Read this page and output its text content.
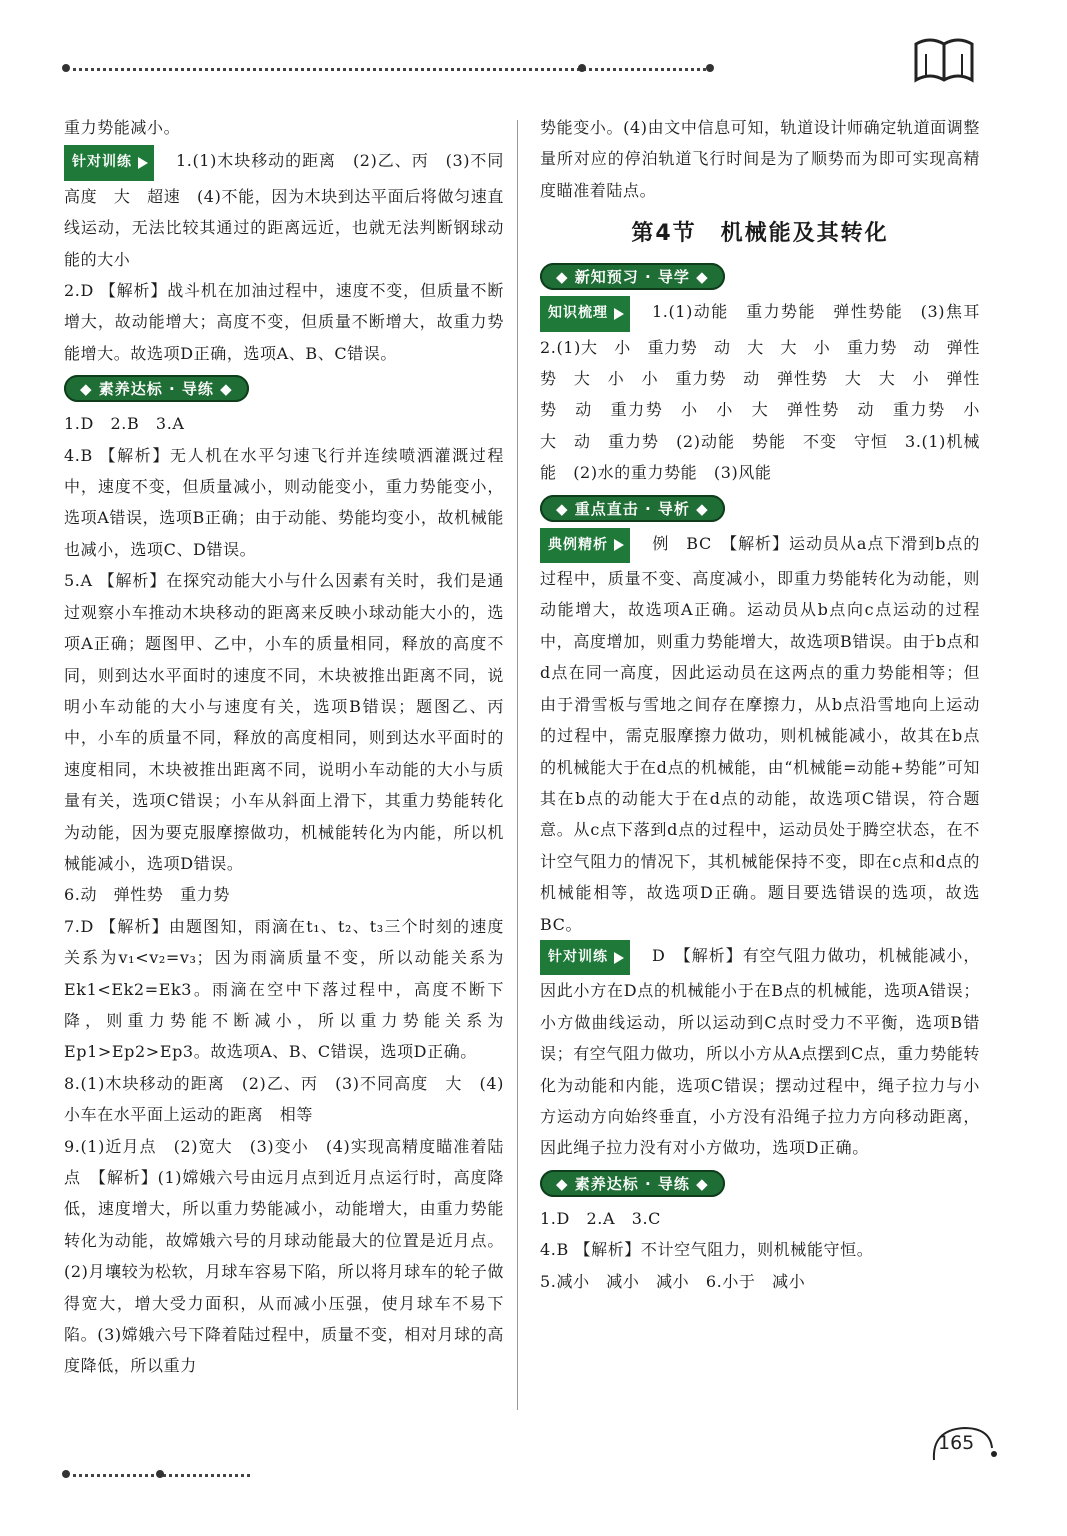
重力势能减小。

针对训练	1.(1)木块移动的距离　(2)乙、丙　(3)不同高度　大　超速　(4)不能，因为木块到达平面后将做匀速直线运动，无法比较其通过的距离远近，也就无法判断钢球动能的大小
2.D 【解析】战斗机在加油过程中，速度不变，但质量不断增大，故动能增大；高度不变，但质量不断增大，故重力势能增大。故选项D正确，选项A、B、C错误。
◆ 素养达标 · 导练 ◆
1.D　2.B　3.A
4.B 【解析】无人机在水平匀速飞行并连续喷洒灌溉过程中，速度不变，但质量减小，则动能变小，重力势能变小，选项A错误，选项B正确；由于动能、势能均变小，故机械能也减小，选项C、D错误。
5.A 【解析】在探究动能大小与什么因素有关时，我们是通过观察小车推动木块移动的距离来反映小球动能大小的，选项A正确；题图甲、乙中，小车的质量相同，释放的高度不同，则到达水平面时的速度不同，木块被推出距离不同，说明小车动能的大小与速度有关，选项B错误；题图乙、丙中，小车的质量不同，释放的高度相同，则到达水平面时的速度相同，木块被推出距离不同，说明小车动能的大小与质量有关，选项C错误；小车从斜面上滑下，其重力势能转化为动能，因为要克服摩擦做功，机械能转化为内能，所以机械能减小，选项D错误。
6.动　弹性势　重力势
7.D 【解析】由题图知，雨滴在t₁、t₂、t₃三个时刻的速度关系为v₁<v₂=v₃；因为雨滴质量不变，所以动能关系为Ek1<Ek2=Ek3。雨滴在空中下落过程中，高度不断下降，则重力势能不断减小，所以重力势能关系为Ep1>Ep2>Ep3。故选项A、B、C错误，选项D正确。
8.(1)木块移动的距离　(2)乙、丙　(3)不同高度　大　(4)小车在水平面上运动的距离　相等
9.(1)近月点　(2)宽大　(3)变小　(4)实现高精度瞄准着陆点　【解析】(1)嫦娥六号由远月点到近月点运行时，高度降低，速度增大，所以重力势能减小，动能增大，由重力势能转化为动能，故嫦娥六号的月球动能最大的位置是近月点。(2)月壤较为松软，月球车容易下陷，所以将月球车的轮子做得宽大，增大受力面积，从而减小压强，使月球车不易下陷。(3)嫦娥六号下降着陆过程中，质量不变，相对月球的高度降低，所以重力
势能变小。(4)由文中信息可知，轨道设计师确定轨道面调整量所对应的停泊轨道飞行时间是为了顺势而为即可实现高精度瞄准着陆点。
第4节　机械能及其转化
◆ 新知预习 · 导学 ◆
知识梳理	1.(1)动能　重力势能　弹性势能　(3)焦耳　2.(1)大　小　重力势　动　大　大　小　重力势　动　弹性势　大　小　小　重力势　动　弹性势　大　大　小　弹性势　动　重力势　小　小　大　弹性势　动　重力势　小　大　动　重力势　(2)动能　势能　不变　守恒　3.(1)机械能　(2)水的重力势能　(3)风能
◆ 重点直击 · 导析 ◆
典例精析	例　BC　【解析】运动员从a点下滑到b点的过程中，质量不变、高度减小，即重力势能转化为动能，则动能增大，故选项A正确。运动员从b点向c点运动的过程中，高度增加，则重力势能增大，故选项B错误。由于b点和d点在同一高度，因此运动员在这两点的重力势能相等；但由于滑雪板与雪地之间存在摩擦力，从b点沿雪地向上运动的过程中，需克服摩擦力做功，则机械能减小，故其在b点的机械能大于在d点的机械能，由“机械能=动能+势能”可知其在b点的动能大于在d点的动能，故选项C错误，符合题意。从c点下落到d点的过程中，运动员处于腾空状态，在不计空气阻力的情况下，其机械能保持不变，即在c点和d点的机械能相等，故选项D正确。题目要选错误的选项，故选BC。
针对训练	D　【解析】有空气阻力做功，机械能减小，因此小方在D点的机械能小于在B点的机械能，选项A错误；小方做曲线运动，所以运动到C点时受力不平衡，选项B错误；有空气阻力做功，所以小方从A点摆到C点，重力势能转化为动能和内能，选项C错误；摆动过程中，绳子拉力与小方运动方向始终垂直，小方没有沿绳子拉力方向移动距离，因此绳子拉力没有对小方做功，选项D正确。
◆ 素养达标 · 导练 ◆
1.D　2.A　3.C
4.B 【解析】不计空气阻力，则机械能守恒。
5.减小　减小　减小　6.小于　减小
165
